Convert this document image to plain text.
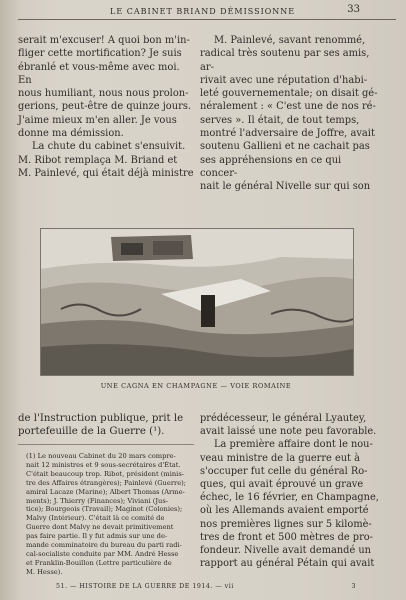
LE CABINET BRIAND DÉMISSIONNE	33

serait m'excuser! A quoi bon m'in-
fliger cette mortification? Je suis
ébranlé et vous-même avec moi. En
nous humiliant, nous nous prolon-
gerions, peut-être de quinze jours.
J'aime mieux m'en aller. Je vous
donne ma démission.

La chute du cabinet s'ensuivit.
M. Ribot remplaça M. Briand et
M. Painlevé, qui était déjà ministre

M. Painlevé, savant renommé,
radical très soutenu par ses amis, ar-
rivait avec une réputation d'habi-
leté gouvernementale; on disait gé-
néralement : « C'est une de nos ré-
serves ». Il était, de tout temps,
montré l'adversaire de Joffre, avait
soutenu Gallieni et ne cachait pas
ses appréhensions en ce qui concer-
nait le général Nivelle sur qui son

UNE CAGNA EN CHAMPAGNE — VOIE ROMAINE

de l'Instruction publique, prit le
portefeuille de la Guerre (¹).

(1) Le nouveau Cabinet du 20 mars compre-
nait 12 ministres et 9 sous-secrétaires d'État.
C'était beaucoup trop. Ribot, président (minis-
tre des Affaires étrangères); Painlevé (Guerre);
amiral Lacaze (Marine); Albert Thomas (Arme-
ments); J. Thierry (Finances); Viviani (Jus-
tice); Bourgeois (Travail); Maginot (Colonies);
Malvy (Intérieur). C'était là ce comité de
Guerre dont Malvy ne devait primitivement
pas faire partie. Il y fut admis sur une de-
mande comminatoire du bureau du parti radi-
cal-socialiste conduite par MM. André Hesse
et Franklin-Bouillon (Lettre particulière de
M. Hesse).

prédécesseur, le général Lyautey,
avait laissé une note peu favorable.
La première affaire dont le nou-
veau ministre de la guerre eut à
s'occuper fut celle du général Ro-
ques, qui avait éprouvé un grave
échec, le 16 février, en Champagne,
où les Allemands avaient emporté
nos premières lignes sur 5 kilomè-
tres de front et 500 mètres de pro-
fondeur. Nivelle avait demandé un
rapport au général Pétain qui avait

51. — HISTOIRE DE LA GUERRE DE 1914. — vii	3
